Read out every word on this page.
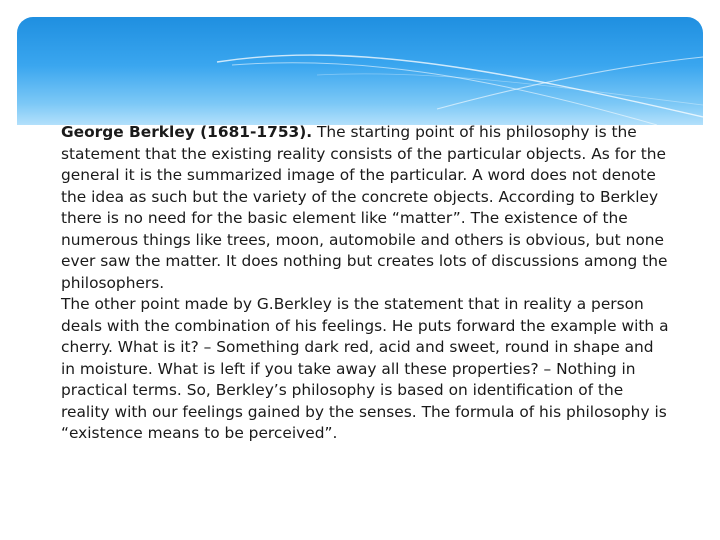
George Berkley (1681-1753). The starting point of his philosophy is the statement that the existing reality consists of the particular objects. As for the general it is the summarized image of the particular. A word does not denote the idea as such but the variety of the concrete objects. According to Berkley there is no need for the basic element like “matter”. The existence of the numerous things like trees, moon, automobile and others is obvious, but none ever saw the matter. It does nothing but creates lots of discussions among the philosophers.

The other point made by G.Berkley is the statement that in reality a person deals with the combination of his feelings. He puts forward the example with a cherry. What is it? – Something dark red, acid and sweet, round in shape and in moisture. What is left if you take away all these properties? – Nothing in practical terms. So, Berkley’s philosophy is based on identification of the reality with our feelings gained by the senses. The formula of his philosophy is “existence means to be perceived”.
